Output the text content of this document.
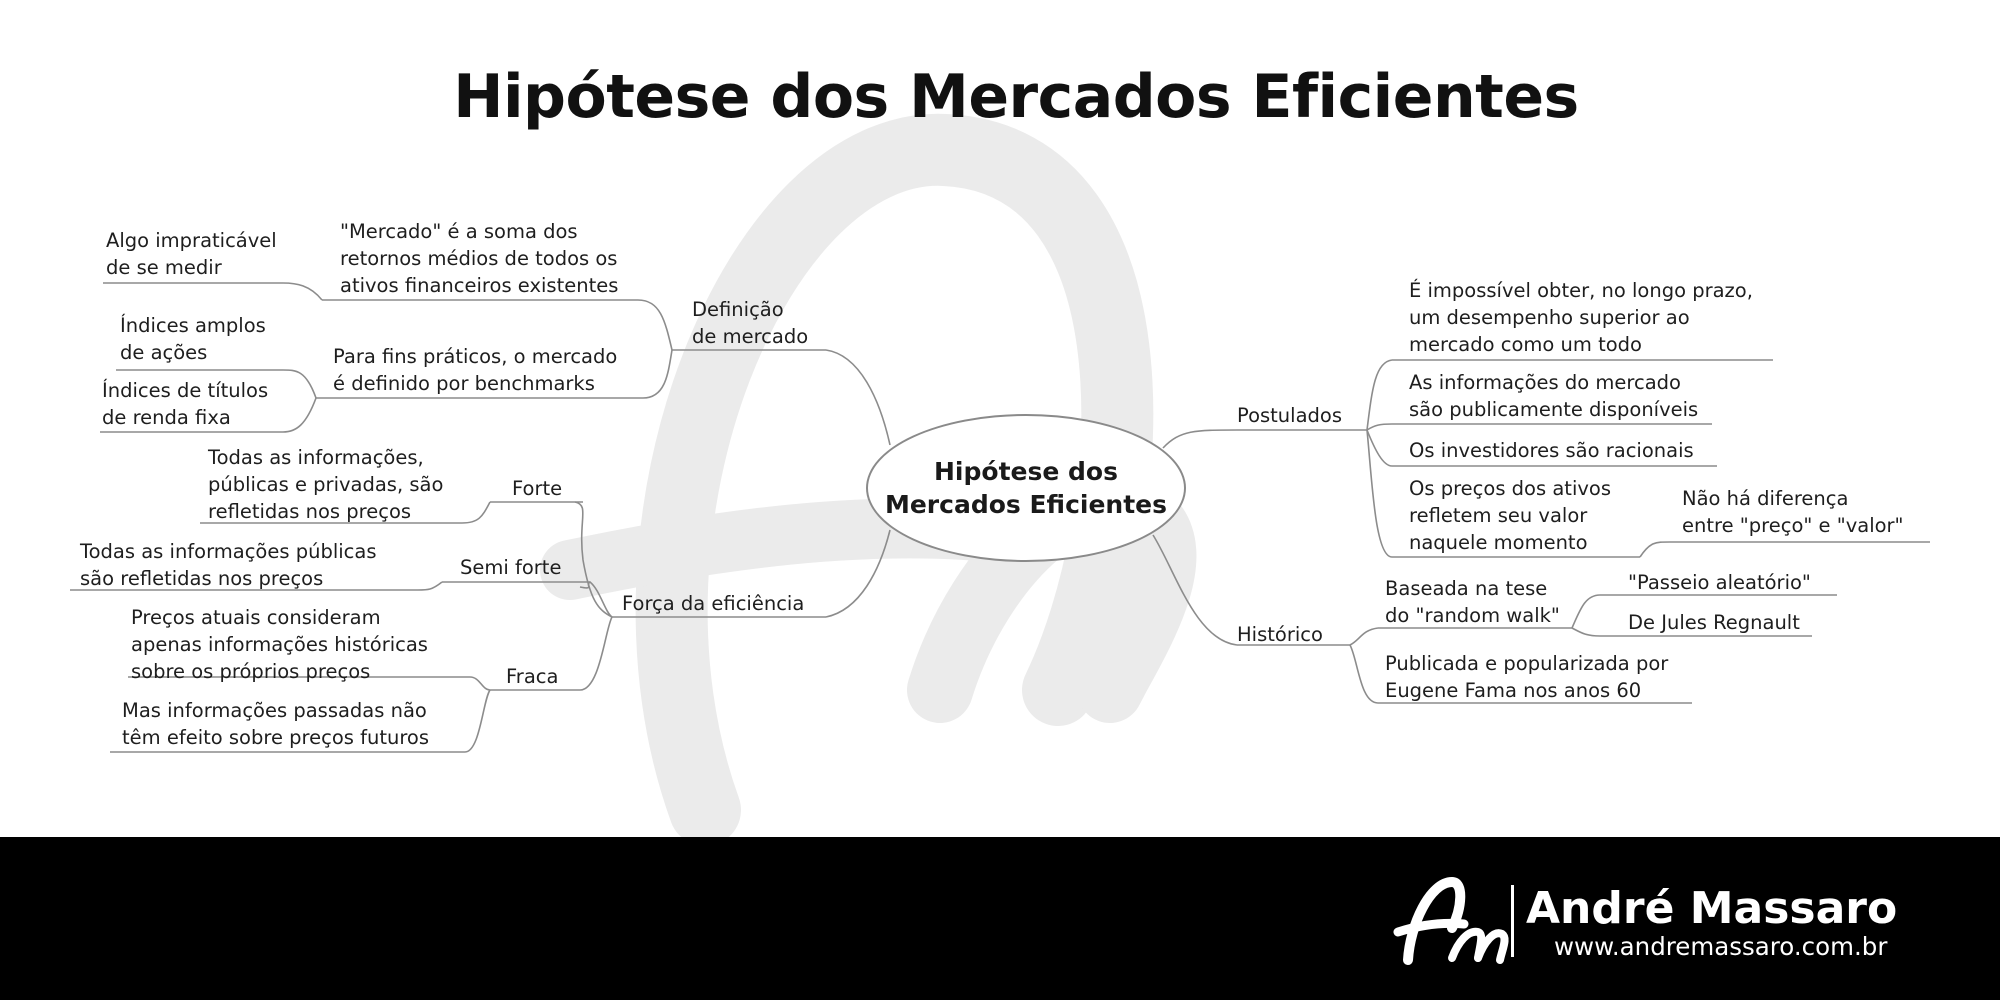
Hipótese dos Mercados Eficientes
Hipótese dos
Mercados Eficientes
Definição
de mercado
"Mercado" é a soma dos
retornos médios de todos os
ativos financeiros existentes
Algo impraticável
de se medir
Para fins práticos, o mercado
é definido por benchmarks
Índices amplos
de ações
Índices de títulos
de renda fixa
Força da eficiência
Forte
Todas as informações,
públicas e privadas, são
refletidas nos preços
Semi forte
Todas as informações públicas
são refletidas nos preços
Fraca
Preços atuais consideram
apenas informações históricas
sobre os próprios preços
Mas informações passadas não
têm efeito sobre preços futuros
Postulados
É impossível obter, no longo prazo,
um desempenho superior ao
mercado como um todo
As informações do mercado
são publicamente disponíveis
Os investidores são racionais
Os preços dos ativos
refletem seu valor
naquele momento
Não há diferença
entre "preço" e "valor"
Histórico
Baseada na tese
do "random walk"
"Passeio aleatório"
De Jules Regnault
Publicada e popularizada por
Eugene Fama nos anos 60
André Massaro
www.andremassaro.com.br
